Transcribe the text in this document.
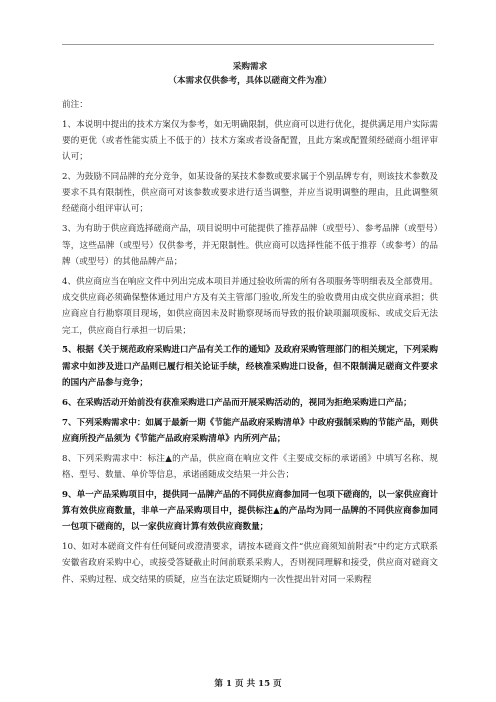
采购需求
（本需求仅供参考，具体以磋商文件为准）
前注：
1、本说明中提出的技术方案仅为参考，如无明确限制，供应商可以进行优化，提供满足用户实际需要的更优（或者性能实质上不低于的）技术方案或者设备配置，且此方案或配置须经磋商小组评审认可；
2、为鼓励不同品牌的充分竞争，如某设备的某技术参数或要求属于个别品牌专有，则该技术参数及要求不具有限制性，供应商可对该参数或要求进行适当调整，并应当说明调整的理由，且此调整须经磋商小组评审认可；
3、为有助于供应商选择磋商产品，项目说明中可能提供了推荐品牌（或型号）、参考品牌（或型号）等，这些品牌（或型号）仅供参考，并无限制性。供应商可以选择性能不低于推荐（或参考）的品牌（或型号）的其他品牌产品；
4、供应商应当在响应文件中列出完成本项目并通过验收所需的所有各项服务等明细表及全部费用。成交供应商必须确保整体通过用户方及有关主管部门验收,所发生的验收费用由成交供应商承担；供应商应自行勘察项目现场，如供应商因未及时勘察现场而导致的报价缺项漏项废标、或成交后无法完工，供应商自行承担一切后果；
5、根据《关于规范政府采购进口产品有关工作的通知》及政府采购管理部门的相关规定，下列采购需求中如涉及进口产品则已履行相关论证手续，经核准采购进口设备，但不限制满足磋商文件要求的国内产品参与竞争；
6、在采购活动开始前没有获准采购进口产品而开展采购活动的，视同为拒绝采购进口产品；
7、下列采购需求中：如属于最新一期《节能产品政府采购清单》中政府强制采购的节能产品，则供应商所投产品须为《节能产品政府采购清单》内所列产品；
8、下列采购需求中：标注▲的产品，供应商在响应文件《主要成交标的承诺函》中填写名称、规格、型号、数量、单价等信息，承诺函随成交结果一并公告；
9、单一产品采购项目中，提供同一品牌产品的不同供应商参加同一包项下磋商的，以一家供应商计算有效供应商数量，非单一产品采购项目中，提供标注▲的产品均为同一品牌的不同供应商参加同一包项下磋商的，以一家供应商计算有效供应商数量；
10、如对本磋商文件有任何疑问或澄清要求，请按本磋商文件“供应商须知前附表”中约定方式联系安徽省政府采购中心，或接受答疑截止时间前联系采购人，否则视同理解和接受，供应商对磋商文件、采购过程、成交结果的质疑，应当在法定质疑期内一次性提出针对同一采购程
第 1 页 共 15 页
